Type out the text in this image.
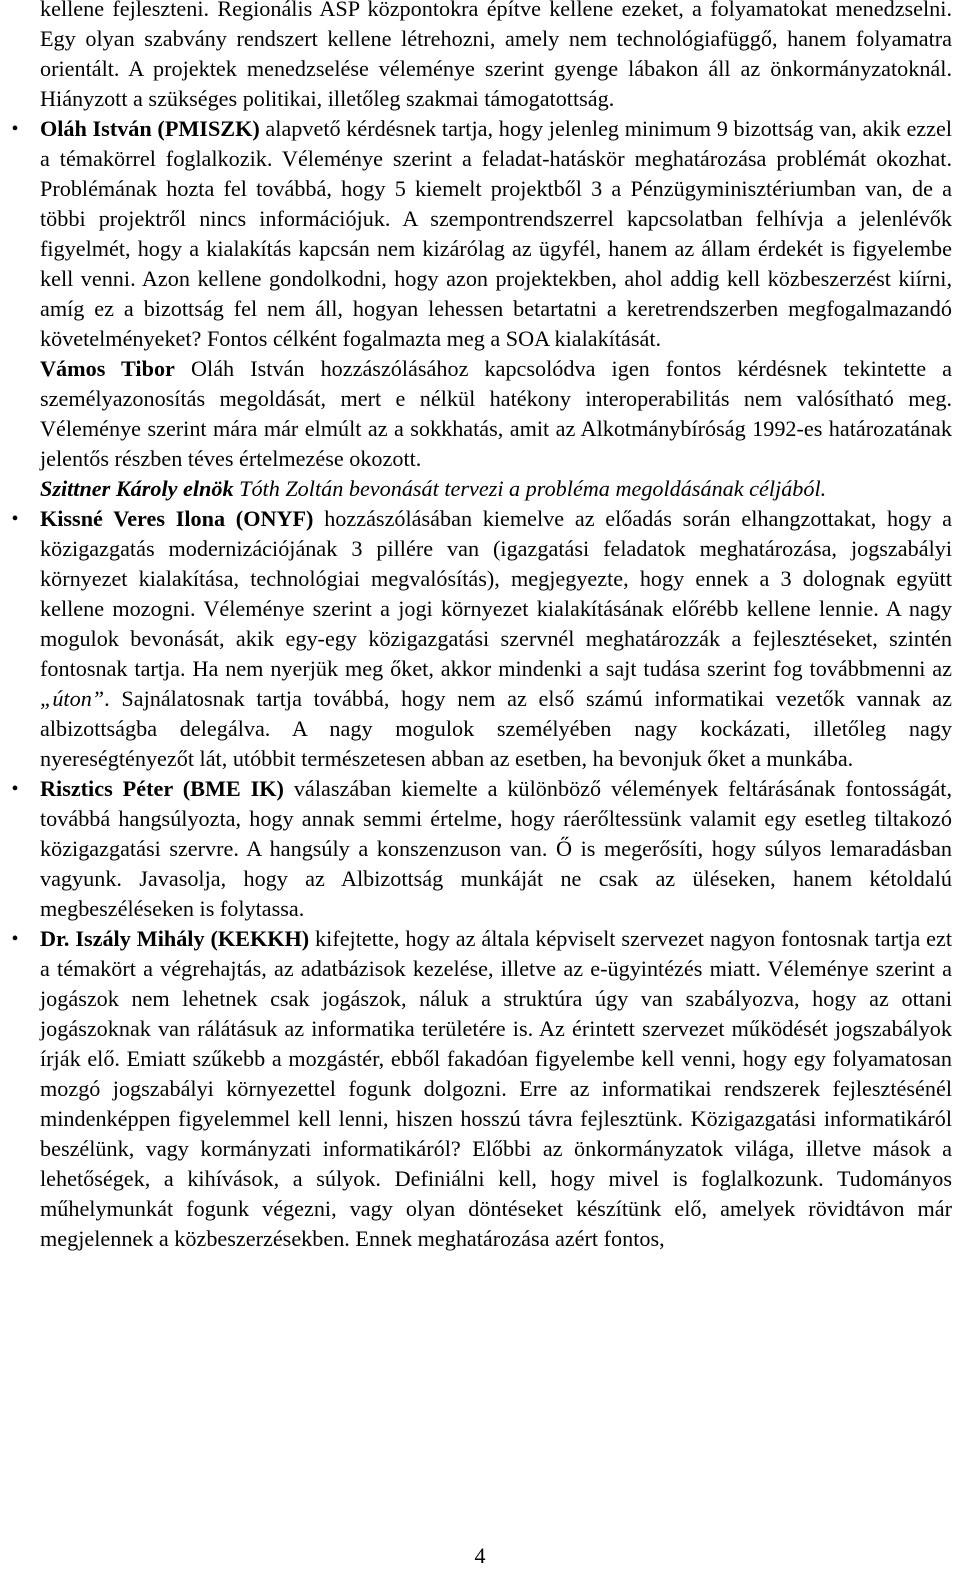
kellene fejleszteni. Regionális ASP központokra építve kellene ezeket, a folyamatokat menedzselni. Egy olyan szabvány rendszert kellene létrehozni, amely nem technológiafüggő, hanem folyamatra orientált. A projektek menedzselése véleménye szerint gyenge lábakon áll az önkormányzatoknál. Hiányzott a szükséges politikai, illetőleg szakmai támogatottság.

• Oláh István (PMISZK) alapvető kérdésnek tartja, hogy jelenleg minimum 9 bizottság van, akik ezzel a témakörrel foglalkozik. Véleménye szerint a feladat-hatáskör meghatározása problémát okozhat. Problémának hozta fel továbbá, hogy 5 kiemelt projektből 3 a Pénzügyminisztériumban van, de a többi projektről nincs információjuk. A szempontrendszerrel kapcsolatban felhívja a jelenlévők figyelmét, hogy a kialakítás kapcsán nem kizárólag az ügyfél, hanem az állam érdekét is figyelembe kell venni. Azon kellene gondolkodni, hogy azon projektekben, ahol addig kell közbeszerzést kiírni, amíg ez a bizottság fel nem áll, hogyan lehessen betartatni a keretrendszerben megfogalmazandó követelményeket? Fontos célként fogalmazta meg a SOA kialakítását.

Vámos Tibor Oláh István hozzászólásához kapcsolódva igen fontos kérdésnek tekintette a személyazonosítás megoldását, mert e nélkül hatékony interoperabilitás nem valósítható meg. Véleménye szerint mára már elmúlt az a sokkhatás, amit az Alkotmánybíróság 1992-es határozatának jelentős részben téves értelmezése okozott.

Szittner Károly elnök Tóth Zoltán bevonását tervezi a probléma megoldásának céljából.

• Kissné Veres Ilona (ONYF) hozzászólásában kiemelve az előadás során elhangzottakat, hogy a közigazgatás modernizációjának 3 pillére van (igazgatási feladatok meghatározása, jogszabályi környezet kialakítása, technológiai megvalósítás), megjegyezte, hogy ennek a 3 dolognak együtt kellene mozogni. Véleménye szerint a jogi környezet kialakításának előrébb kellene lennie. A nagy mogulok bevonását, akik egy-egy közigazgatási szervnél meghatározzák a fejlesztéseket, szintén fontosnak tartja. Ha nem nyerjük meg őket, akkor mindenki a sajt tudása szerint fog továbbmenni az „úton”. Sajnálatosnak tartja továbbá, hogy nem az első számú informatikai vezetők vannak az albizottságba delegálva. A nagy mogulok személyében nagy kockázati, illetőleg nagy nyereségtényezőt lát, utóbbit természetesen abban az esetben, ha bevonjuk őket a munkába.

• Risztics Péter (BME IK) válaszában kiemelte a különböző vélemények feltárásának fontosságát, továbbá hangsúlyozta, hogy annak semmi értelme, hogy ráerőltessünk valamit egy esetleg tiltakozó közigazgatási szervre. A hangsúly a konszenzuson van. Ő is megerősíti, hogy súlyos lemaradásban vagyunk. Javasolja, hogy az Albizottság munkáját ne csak az üléseken, hanem kétoldalú megbeszéléseken is folytassa.

• Dr. Iszály Mihály (KEKKH) kifejtette, hogy az általa képviselt szervezet nagyon fontosnak tartja ezt a témakört a végrehajtás, az adatbázisok kezelése, illetve az e-ügyintézés miatt. Véleménye szerint a jogászok nem lehetnek csak jogászok, náluk a struktúra úgy van szabályozva, hogy az ottani jogászoknak van rálátásuk az informatika területére is. Az érintett szervezet működését jogszabályok írják elő. Emiatt szűkebb a mozgástér, ebből fakadóan figyelembe kell venni, hogy egy folyamatosan mozgó jogszabályi környezettel fogunk dolgozni. Erre az informatikai rendszerek fejlesztésénél mindenképpen figyelemmel kell lenni, hiszen hosszú távra fejlesztünk. Közigazgatási informatikáról beszélünk, vagy kormányzati informatikáról? Előbbi az önkormányzatok világa, illetve mások a lehetőségek, a kihívások, a súlyok. Definiálni kell, hogy mivel is foglalkozunk. Tudományos műhelymunkát fogunk végezni, vagy olyan döntéseket készítünk elő, amelyek rövidtávon már megjelennek a közbeszerzésekben. Ennek meghatározása azért fontos,

4
